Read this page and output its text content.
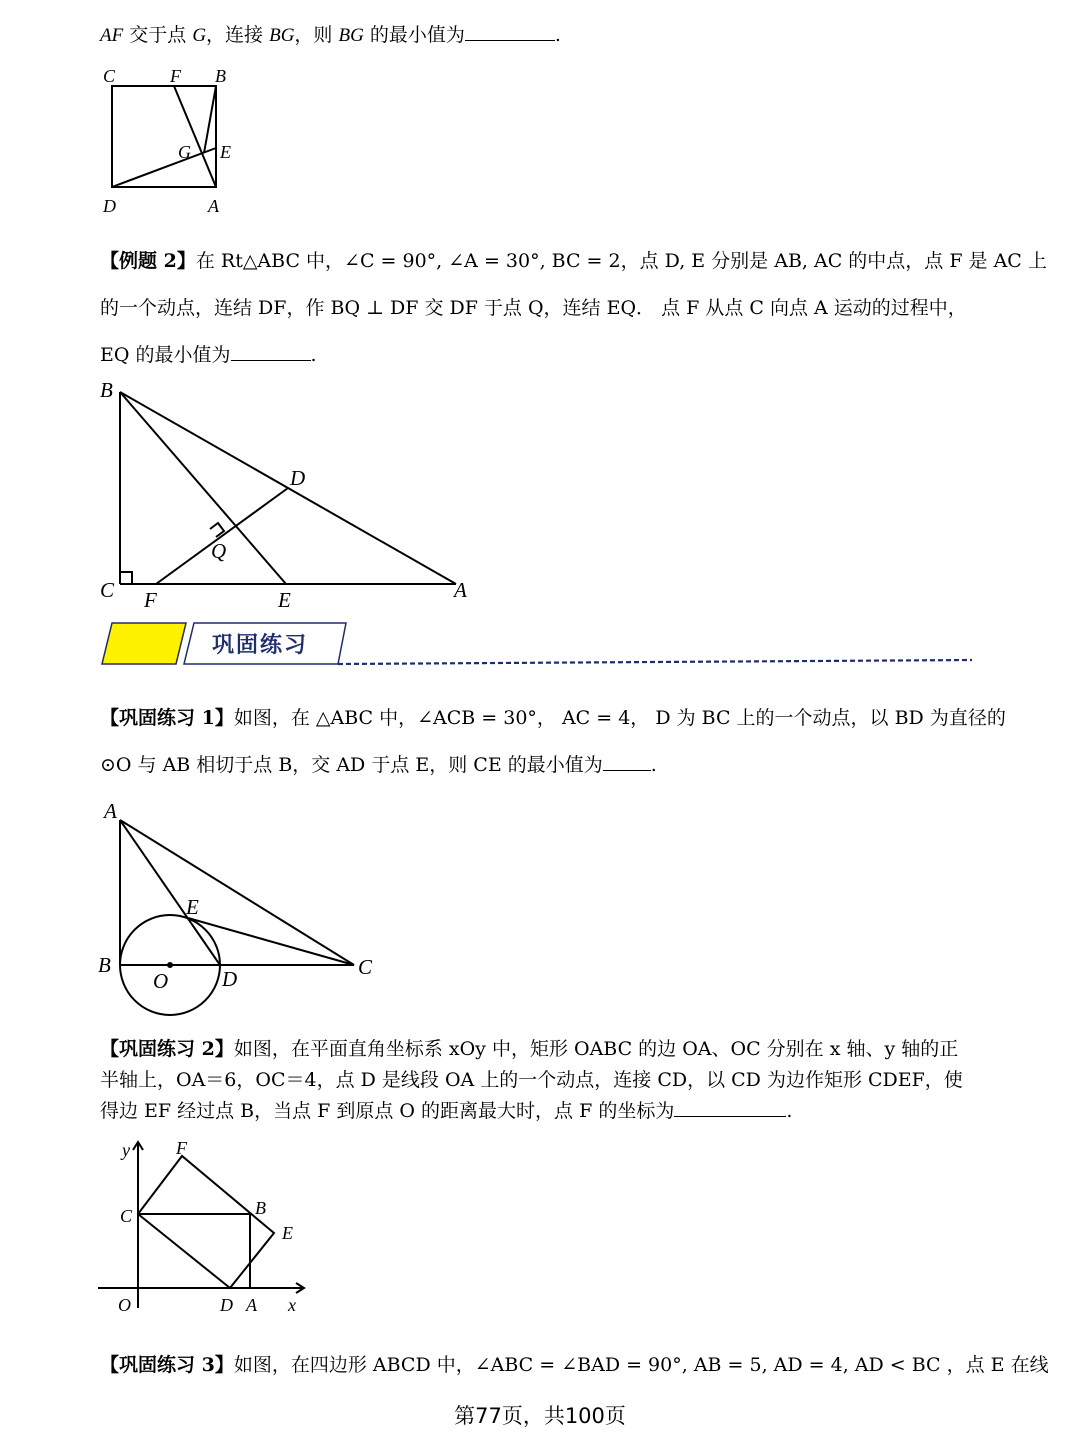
AF 交于点 G，连接 BG，则 BG 的最小值为	.
C	F B
G E
D	A
【例题 2】在 Rt△ABC 中，∠C = 90°, ∠A = 30°, BC = 2，点 D, E 分别是 AB, AC 的中点，点 F 是 AC 上
的一个动点，连结 DF，作 BQ ⊥ DF 交 DF 于点 Q，连结 EQ． 点 F 从点 C 向点 A 运动的过程中，
EQ 的最小值为	.
B
D
Q
C F	E	A
巩固练习
【巩固练习 1】如图，在 △ABC 中，∠ACB = 30°， AC = 4， D 为 BC 上的一个动点，以 BD 为直径的
⊙O 与 AB 相切于点 B，交 AD 于点 E，则 CE 的最小值为	.
A
E
B
O	D	C
【巩固练习 2】如图，在平面直角坐标系 xOy 中，矩形 OABC 的边 OA、OC 分别在 x 轴、y 轴的正
半轴上，OA＝6，OC＝4，点 D 是线段 OA 上的一个动点，连接 CD，以 CD 为边作矩形 CDEF，使
得边 EF 经过点 B，当点 F 到原点 O 的距离最大时，点 F 的坐标为	.
y	F
C	B
E
O	D A x
【巩固练习 3】如图，在四边形 ABCD 中，∠ABC = ∠BAD = 90°, AB = 5, AD = 4, AD < BC ，点 E 在线
第77页，共100页
